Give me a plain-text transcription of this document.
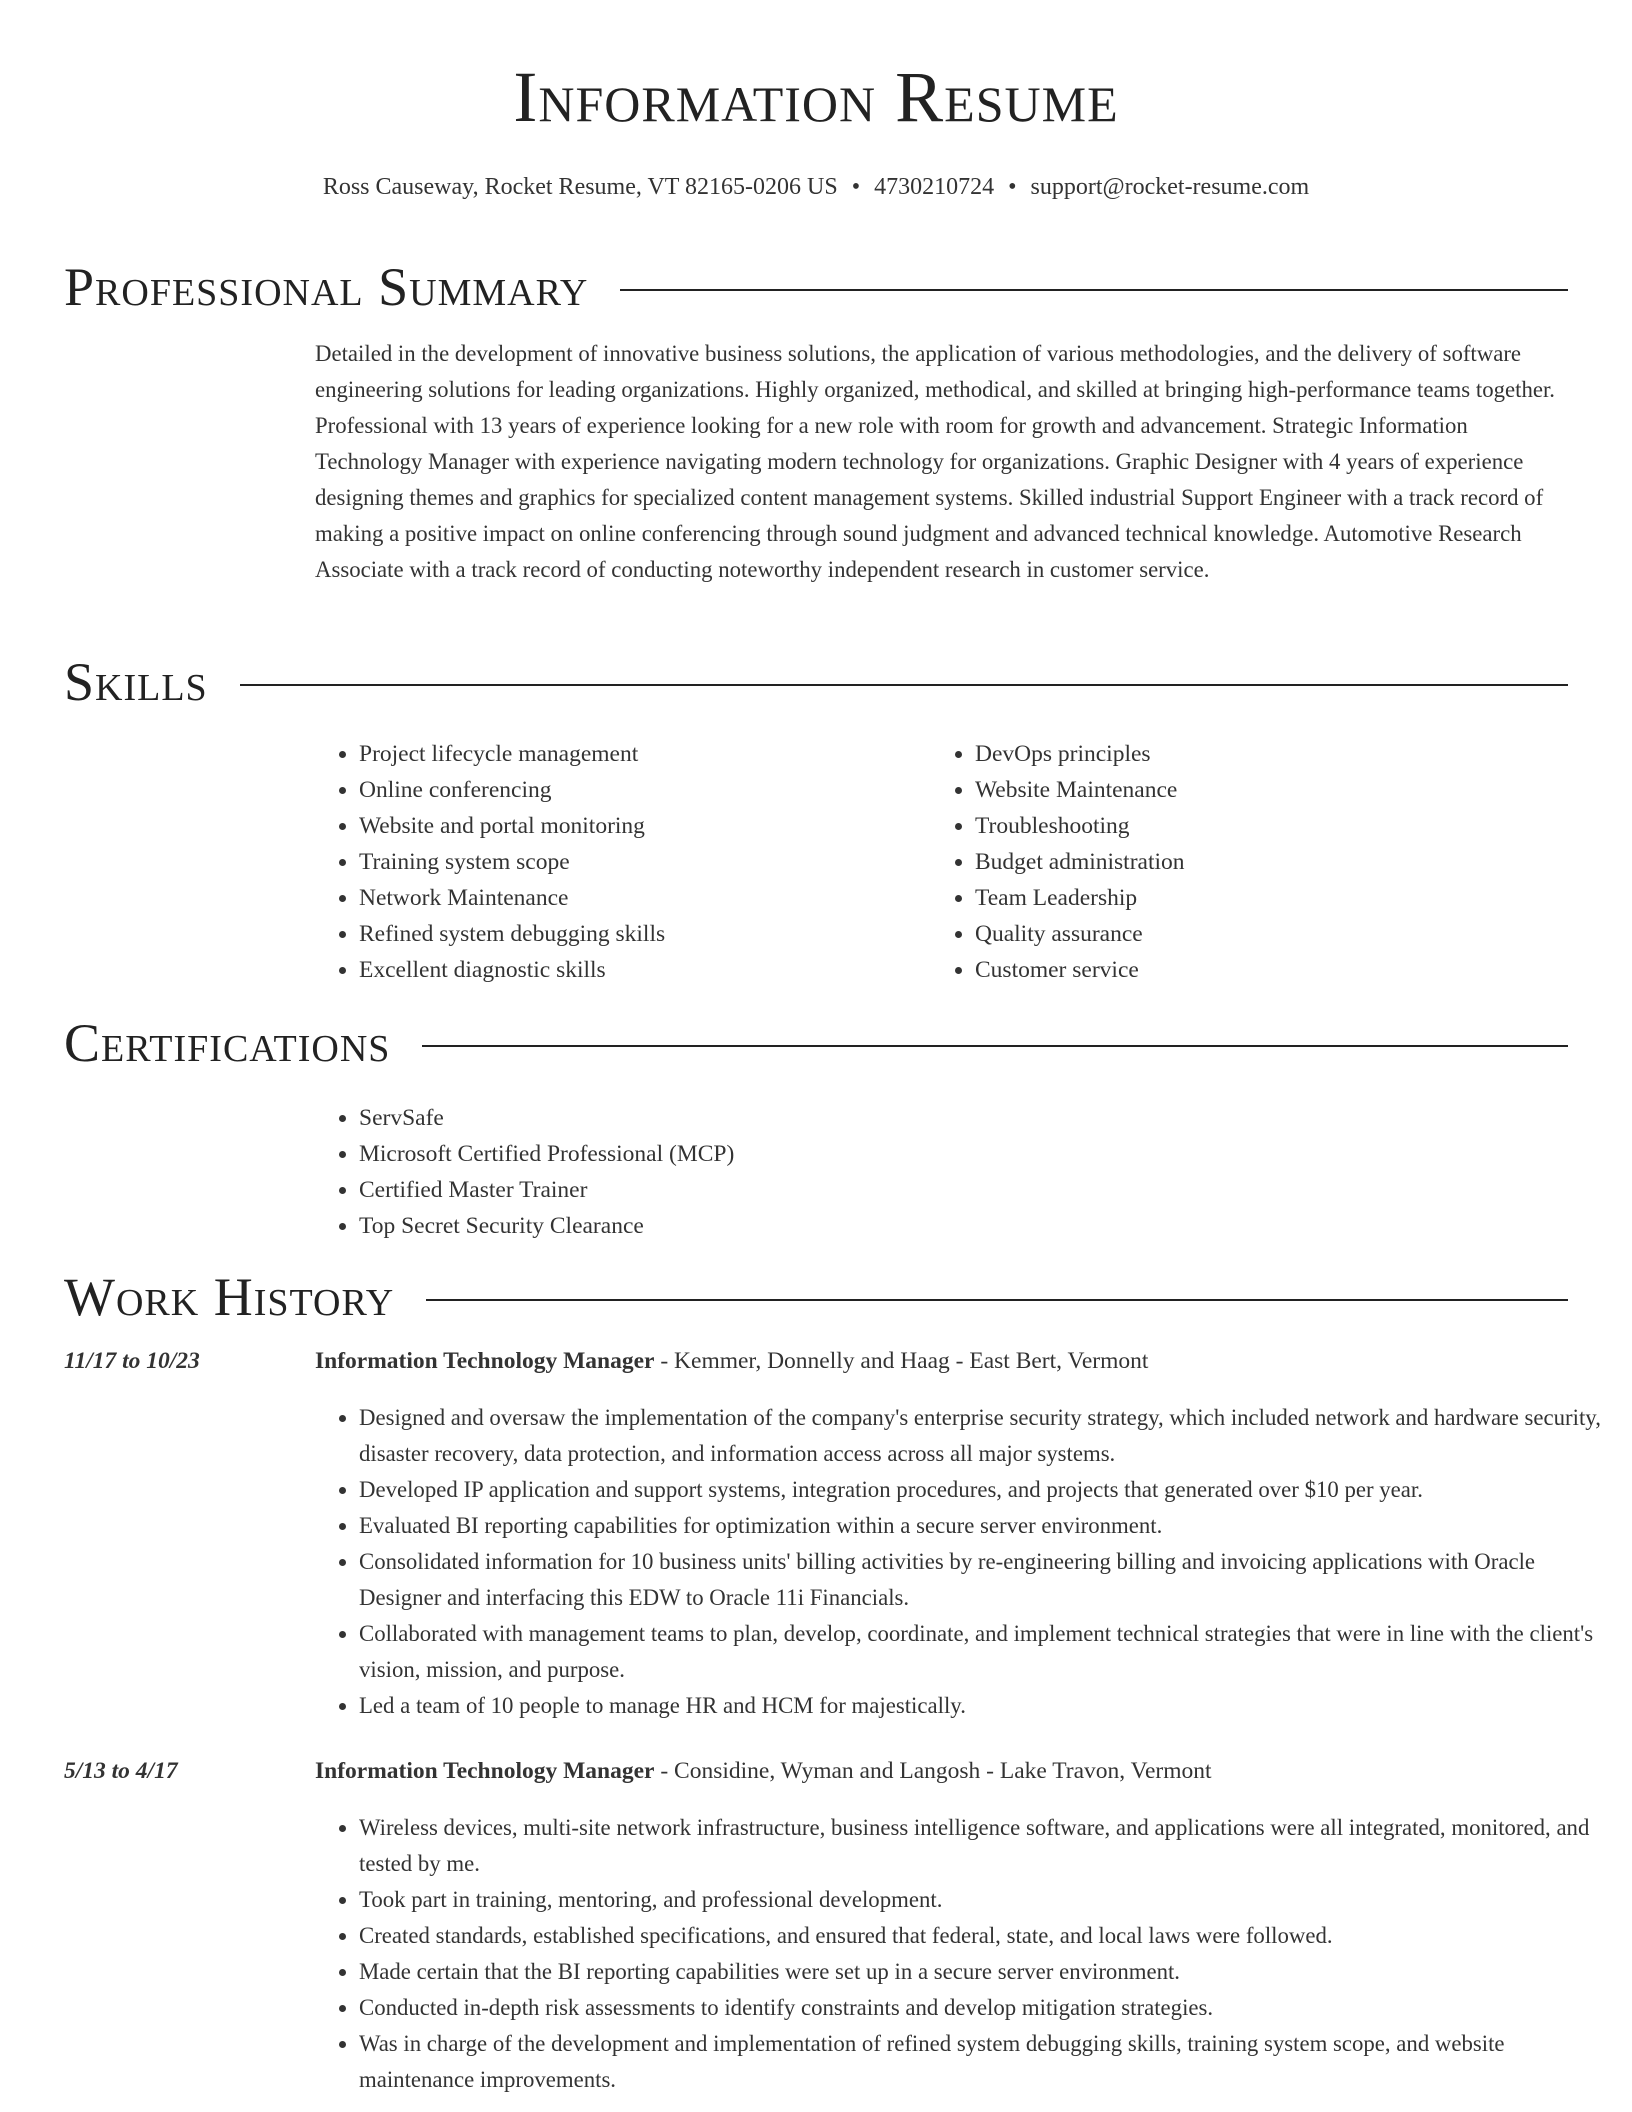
Information Resume
Ross Causeway, Rocket Resume, VT 82165-0206 US • 4730210724 • support@rocket-resume.com
Professional Summary

Detailed in the development of innovative business solutions, the application of various methodologies, and the delivery of software engineering solutions for leading organizations. Highly organized, methodical, and skilled at bringing high-performance teams together. Professional with 13 years of experience looking for a new role with room for growth and advancement. Strategic Information Technology Manager with experience navigating modern technology for organizations. Graphic Designer with 4 years of experience designing themes and graphics for specialized content management systems. Skilled industrial Support Engineer with a track record of making a positive impact on online conferencing through sound judgment and advanced technical knowledge. Automotive Research Associate with a track record of conducting noteworthy independent research in customer service.

Skills
• Project lifecycle management
• Online conferencing
• Website and portal monitoring
• Training system scope
• Network Maintenance
• Refined system debugging skills
• Excellent diagnostic skills
• DevOps principles
• Website Maintenance
• Troubleshooting
• Budget administration
• Team Leadership
• Quality assurance
• Customer service
Certifications
• ServSafe
• Microsoft Certified Professional (MCP)
• Certified Master Trainer
• Top Secret Security Clearance
Work History
11/17 to 10/23	Information Technology Manager - Kemmer, Donnelly and Haag - East Bert, Vermont
• Designed and oversaw the implementation of the company's enterprise security strategy, which included network and hardware security, disaster recovery, data protection, and information access across all major systems.
• Developed IP application and support systems, integration procedures, and projects that generated over $10 per year.
• Evaluated BI reporting capabilities for optimization within a secure server environment.
• Consolidated information for 10 business units' billing activities by re-engineering billing and invoicing applications with Oracle Designer and interfacing this EDW to Oracle 11i Financials.
• Collaborated with management teams to plan, develop, coordinate, and implement technical strategies that were in line with the client's vision, mission, and purpose.
• Led a team of 10 people to manage HR and HCM for majestically.
5/13 to 4/17	Information Technology Manager - Considine, Wyman and Langosh - Lake Travon, Vermont
• Wireless devices, multi-site network infrastructure, business intelligence software, and applications were all integrated, monitored, and tested by me.
• Took part in training, mentoring, and professional development.
• Created standards, established specifications, and ensured that federal, state, and local laws were followed.
• Made certain that the BI reporting capabilities were set up in a secure server environment.
• Conducted in-depth risk assessments to identify constraints and develop mitigation strategies.
• Was in charge of the development and implementation of refined system debugging skills, training system scope, and website maintenance improvements.
